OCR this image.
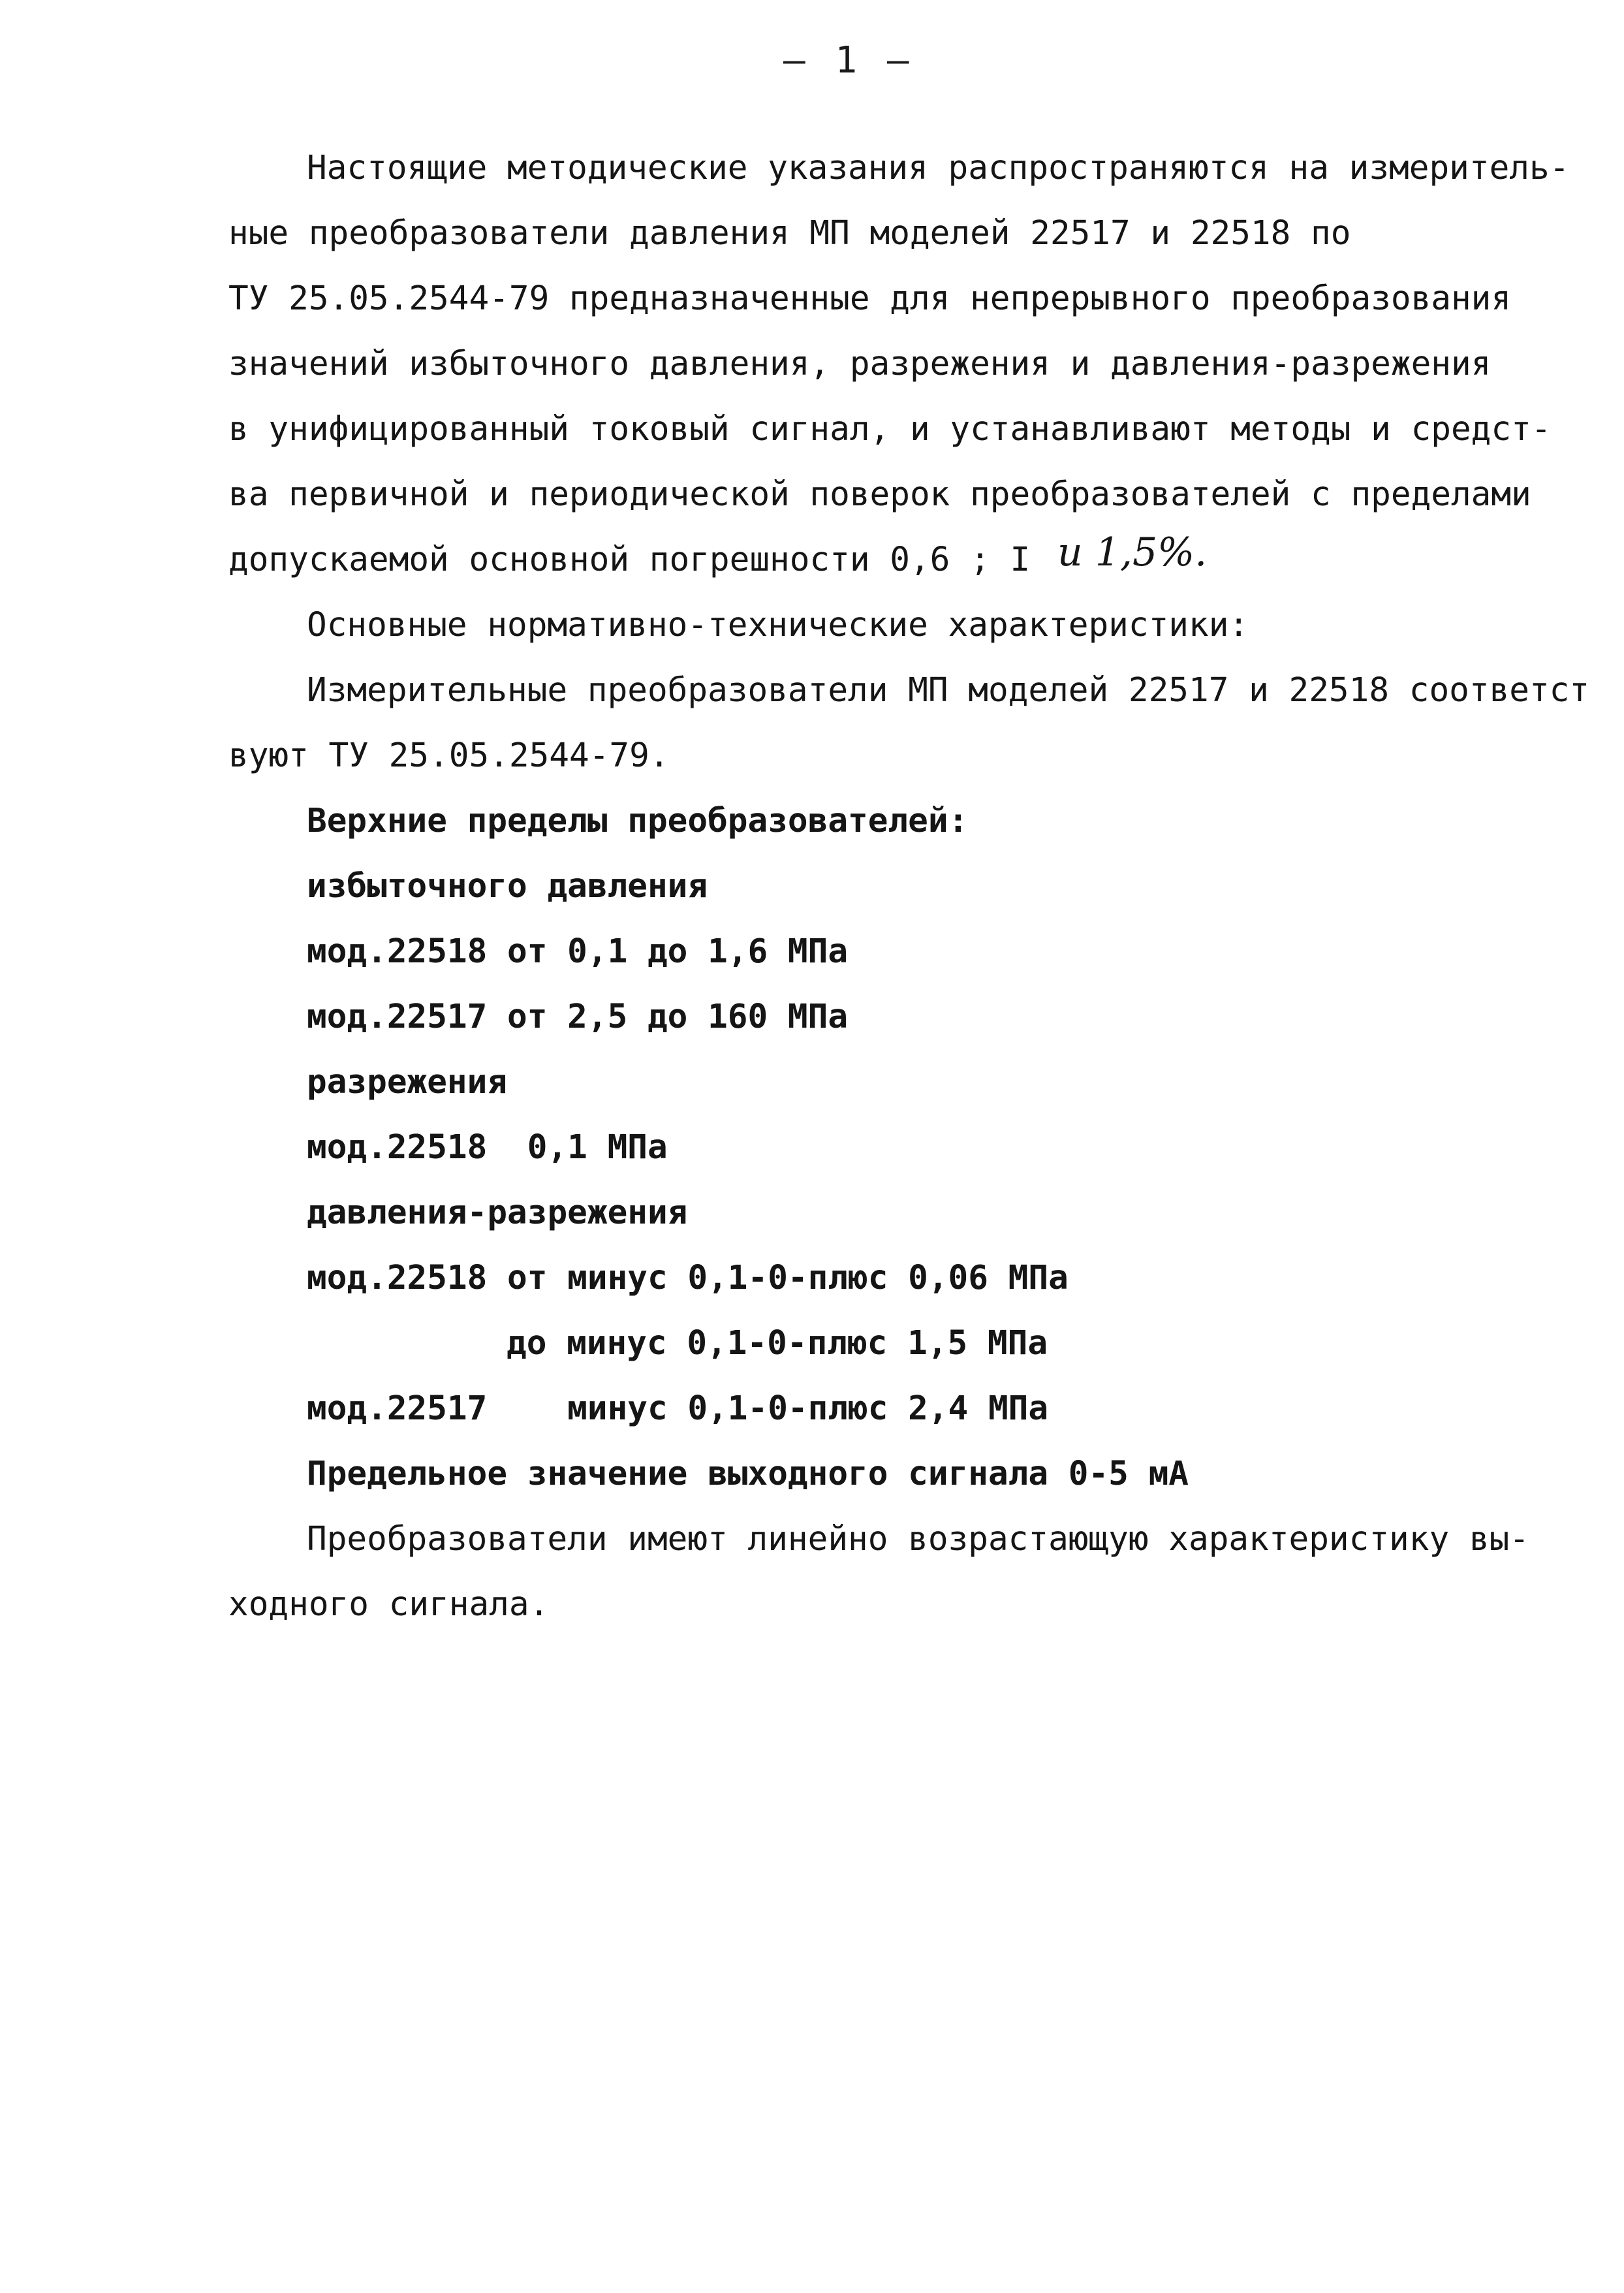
— 1 —
Настоящие методические указания распространяются на измеритель-
ные преобразователи давления МП моделей 22517 и 22518 по
ТУ 25.05.2544-79 предназначенные для непрерывного преобразования
значений избыточного давления, разрежения и давления-разрежения
в унифицированный токовый сигнал, и устанавливают методы и средст-
ва первичной и периодической поверок преобразователей с пределами
допускаемой основной погрешности 0,6 ; I и 1,5%.
Основные нормативно-технические характеристики:
Измерительные преобразователи МП моделей 22517 и 22518 соответст
вуют ТУ 25.05.2544-79.
Верхние пределы преобразователей:
избыточного давления
мод.22518 от 0,1 до 1,6 МПа
мод.22517 от 2,5 до 160 МПа
разрежения
мод.22518  0,1 МПа
давления-разрежения
мод.22518 от минус 0,1-0-плюс 0,06 МПа
до минус 0,1-0-плюс 1,5 МПа
мод.22517    минус 0,1-0-плюс 2,4 МПа
Предельное значение выходного сигнала 0-5 мА
Преобразователи имеют линейно возрастающую характеристику вы-
ходного сигнала.
